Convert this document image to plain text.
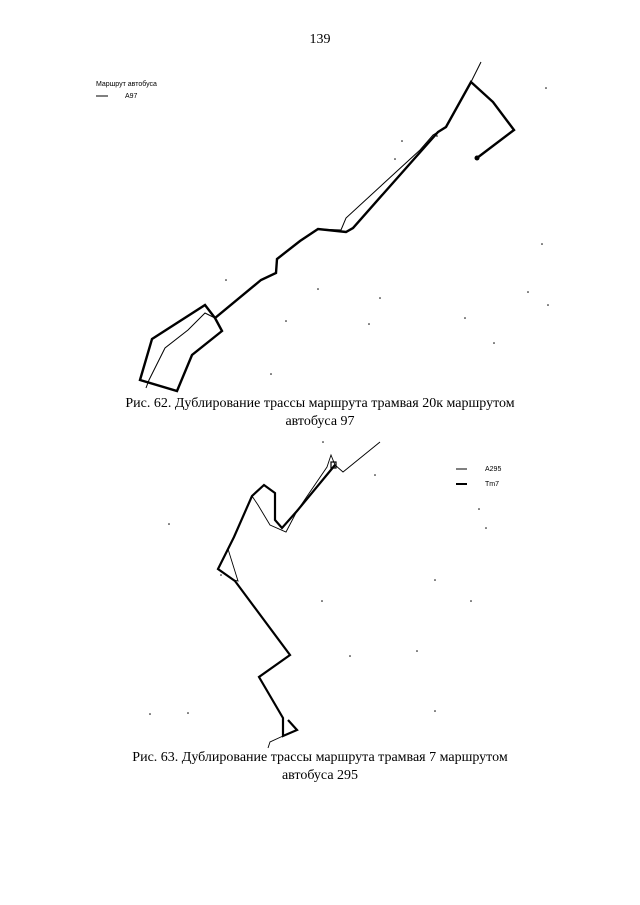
139
Маршрут автобуса
А97
Рис. 62. Дублирование трассы маршрута трамвая 20к маршрутом
автобуса 97
А295
Тm7
Рис. 63. Дублирование трассы маршрута трамвая 7 маршрутом
автобуса 295
